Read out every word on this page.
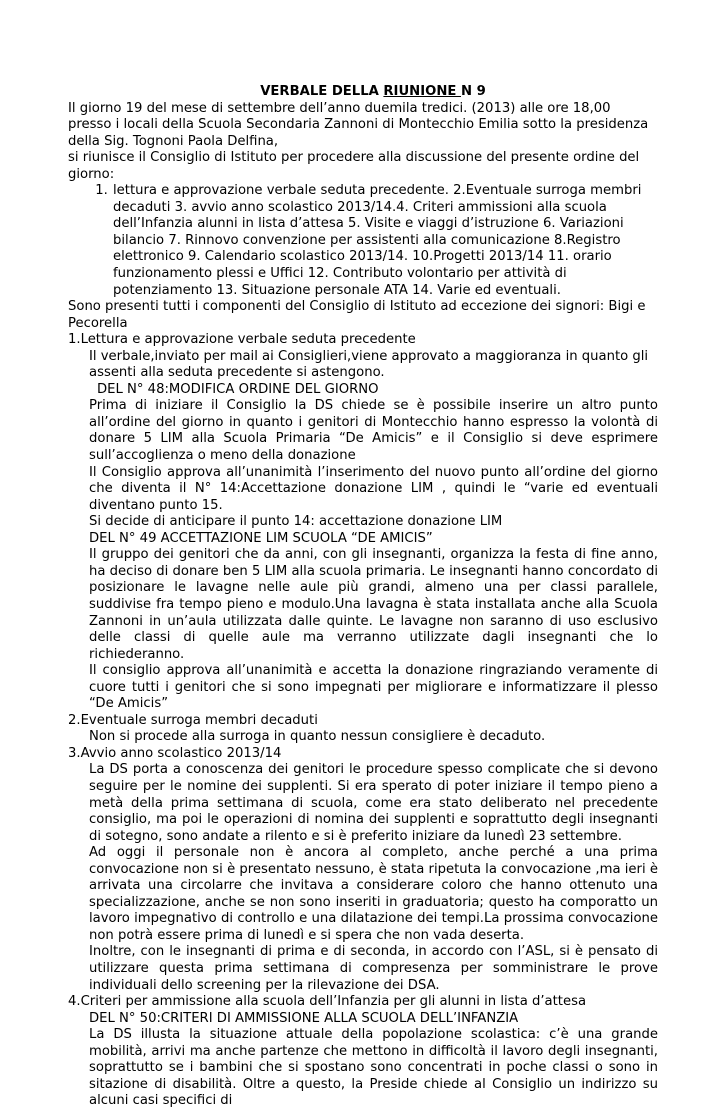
VERBALE DELLA RIUNIONE N 9

Il giorno 19 del mese di settembre dell’anno duemila tredici. (2013) alle ore 18,00 presso i locali della Scuola Secondaria Zannoni di Montecchio Emilia sotto la presidenza della Sig. Tognoni Paola Delfina,

si riunisce il Consiglio di Istituto per procedere alla discussione del presente ordine del giorno:

1. lettura e approvazione verbale seduta precedente. 2.Eventuale surroga membri decaduti 3. avvio anno scolastico 2013/14.4. Criteri ammissioni alla scuola dell’Infanzia alunni in lista d’attesa 5. Visite e viaggi d’istruzione 6. Variazioni bilancio 7. Rinnovo convenzione per assistenti alla comunicazione 8.Registro elettronico 9. Calendario scolastico 2013/14. 10.Progetti 2013/14 11. orario funzionamento plessi e Uffici 12. Contributo volontario per attività di potenziamento 13. Situazione personale ATA 14. Varie ed eventuali.

Sono presenti tutti i componenti del Consiglio di Istituto ad eccezione dei signori: Bigi e Pecorella

1.Lettura e approvazione verbale seduta precedente

Il verbale,inviato per mail ai Consiglieri,viene approvato a maggioranza in quanto gli assenti alla seduta precedente si astengono.

DEL N° 48:MODIFICA ORDINE DEL GIORNO

Prima di iniziare il Consiglio la DS chiede se è possibile inserire un altro punto all’ordine del giorno in quanto i genitori di Montecchio hanno espresso la volontà di donare 5 LIM alla Scuola Primaria “De Amicis” e il Consiglio si deve esprimere sull’accoglienza o meno della donazione

Il Consiglio approva all’unanimità l’inserimento del nuovo punto all’ordine del giorno che diventa il N° 14:Accettazione donazione LIM , quindi le “varie ed eventuali diventano punto 15.

Si decide di anticipare il punto 14: accettazione donazione LIM

DEL N° 49 ACCETTAZIONE LIM SCUOLA “DE AMICIS”

Il gruppo dei genitori che da anni, con gli insegnanti, organizza la festa di fine anno, ha deciso di donare ben 5 LIM alla scuola primaria. Le insegnanti hanno concordato di posizionare le lavagne nelle aule più grandi, almeno una per classi parallele, suddivise fra tempo pieno e modulo.Una lavagna è stata installata anche alla Scuola Zannoni in un’aula utilizzata dalle quinte. Le lavagne non saranno di uso esclusivo delle classi di quelle aule ma verranno utilizzate dagli insegnanti che lo richiederanno.

Il consiglio approva all’unanimità e accetta la donazione ringraziando veramente di cuore tutti i genitori che si sono impegnati per migliorare e informatizzare il plesso “De Amicis”

2.Eventuale surroga membri decaduti

Non si procede alla surroga in quanto nessun consigliere è decaduto.

3.Avvio anno scolastico 2013/14

La DS porta a conoscenza dei genitori le procedure spesso complicate che si devono seguire per le nomine dei supplenti. Si era sperato di poter iniziare il tempo pieno a metà della prima settimana di scuola, come era stato deliberato nel precedente consiglio, ma poi le operazioni di nomina dei supplenti e soprattutto degli insegnanti di sotegno, sono andate a rilento e si è preferito iniziare da lunedì 23 settembre.

Ad oggi il personale non è ancora al completo, anche perché a una prima convocazione non si è presentato nessuno, è stata ripetuta la convocazione ,ma ieri è arrivata una circolarre che invitava a considerare coloro che hanno ottenuto una specializzazione, anche se non sono inseriti in graduatoria; questo ha comporatto un lavoro impegnativo di controllo e una dilatazione dei tempi.La prossima convocazione non potrà essere prima di lunedì e si spera che non vada deserta.

Inoltre, con le insegnanti di prima e di seconda, in accordo con l’ASL, si è pensato di utilizzare questa prima settimana di compresenza per somministrare le prove individuali dello screening per la rilevazione dei DSA.

4.Criteri per ammissione alla scuola dell’Infanzia per gli alunni in lista d’attesa

DEL N° 50:CRITERI DI AMMISSIONE ALLA SCUOLA DELL’INFANZIA

La DS illusta la situazione attuale della popolazione scolastica: c’è una grande mobilità, arrivi ma anche partenze che mettono in difficoltà il lavoro degli insegnanti, soprattutto se i bambini che si spostano sono concentrati in poche classi o sono in sitazione di disabilità. Oltre a questo, la Preside chiede al Consiglio un indirizzo su alcuni casi specifici di
